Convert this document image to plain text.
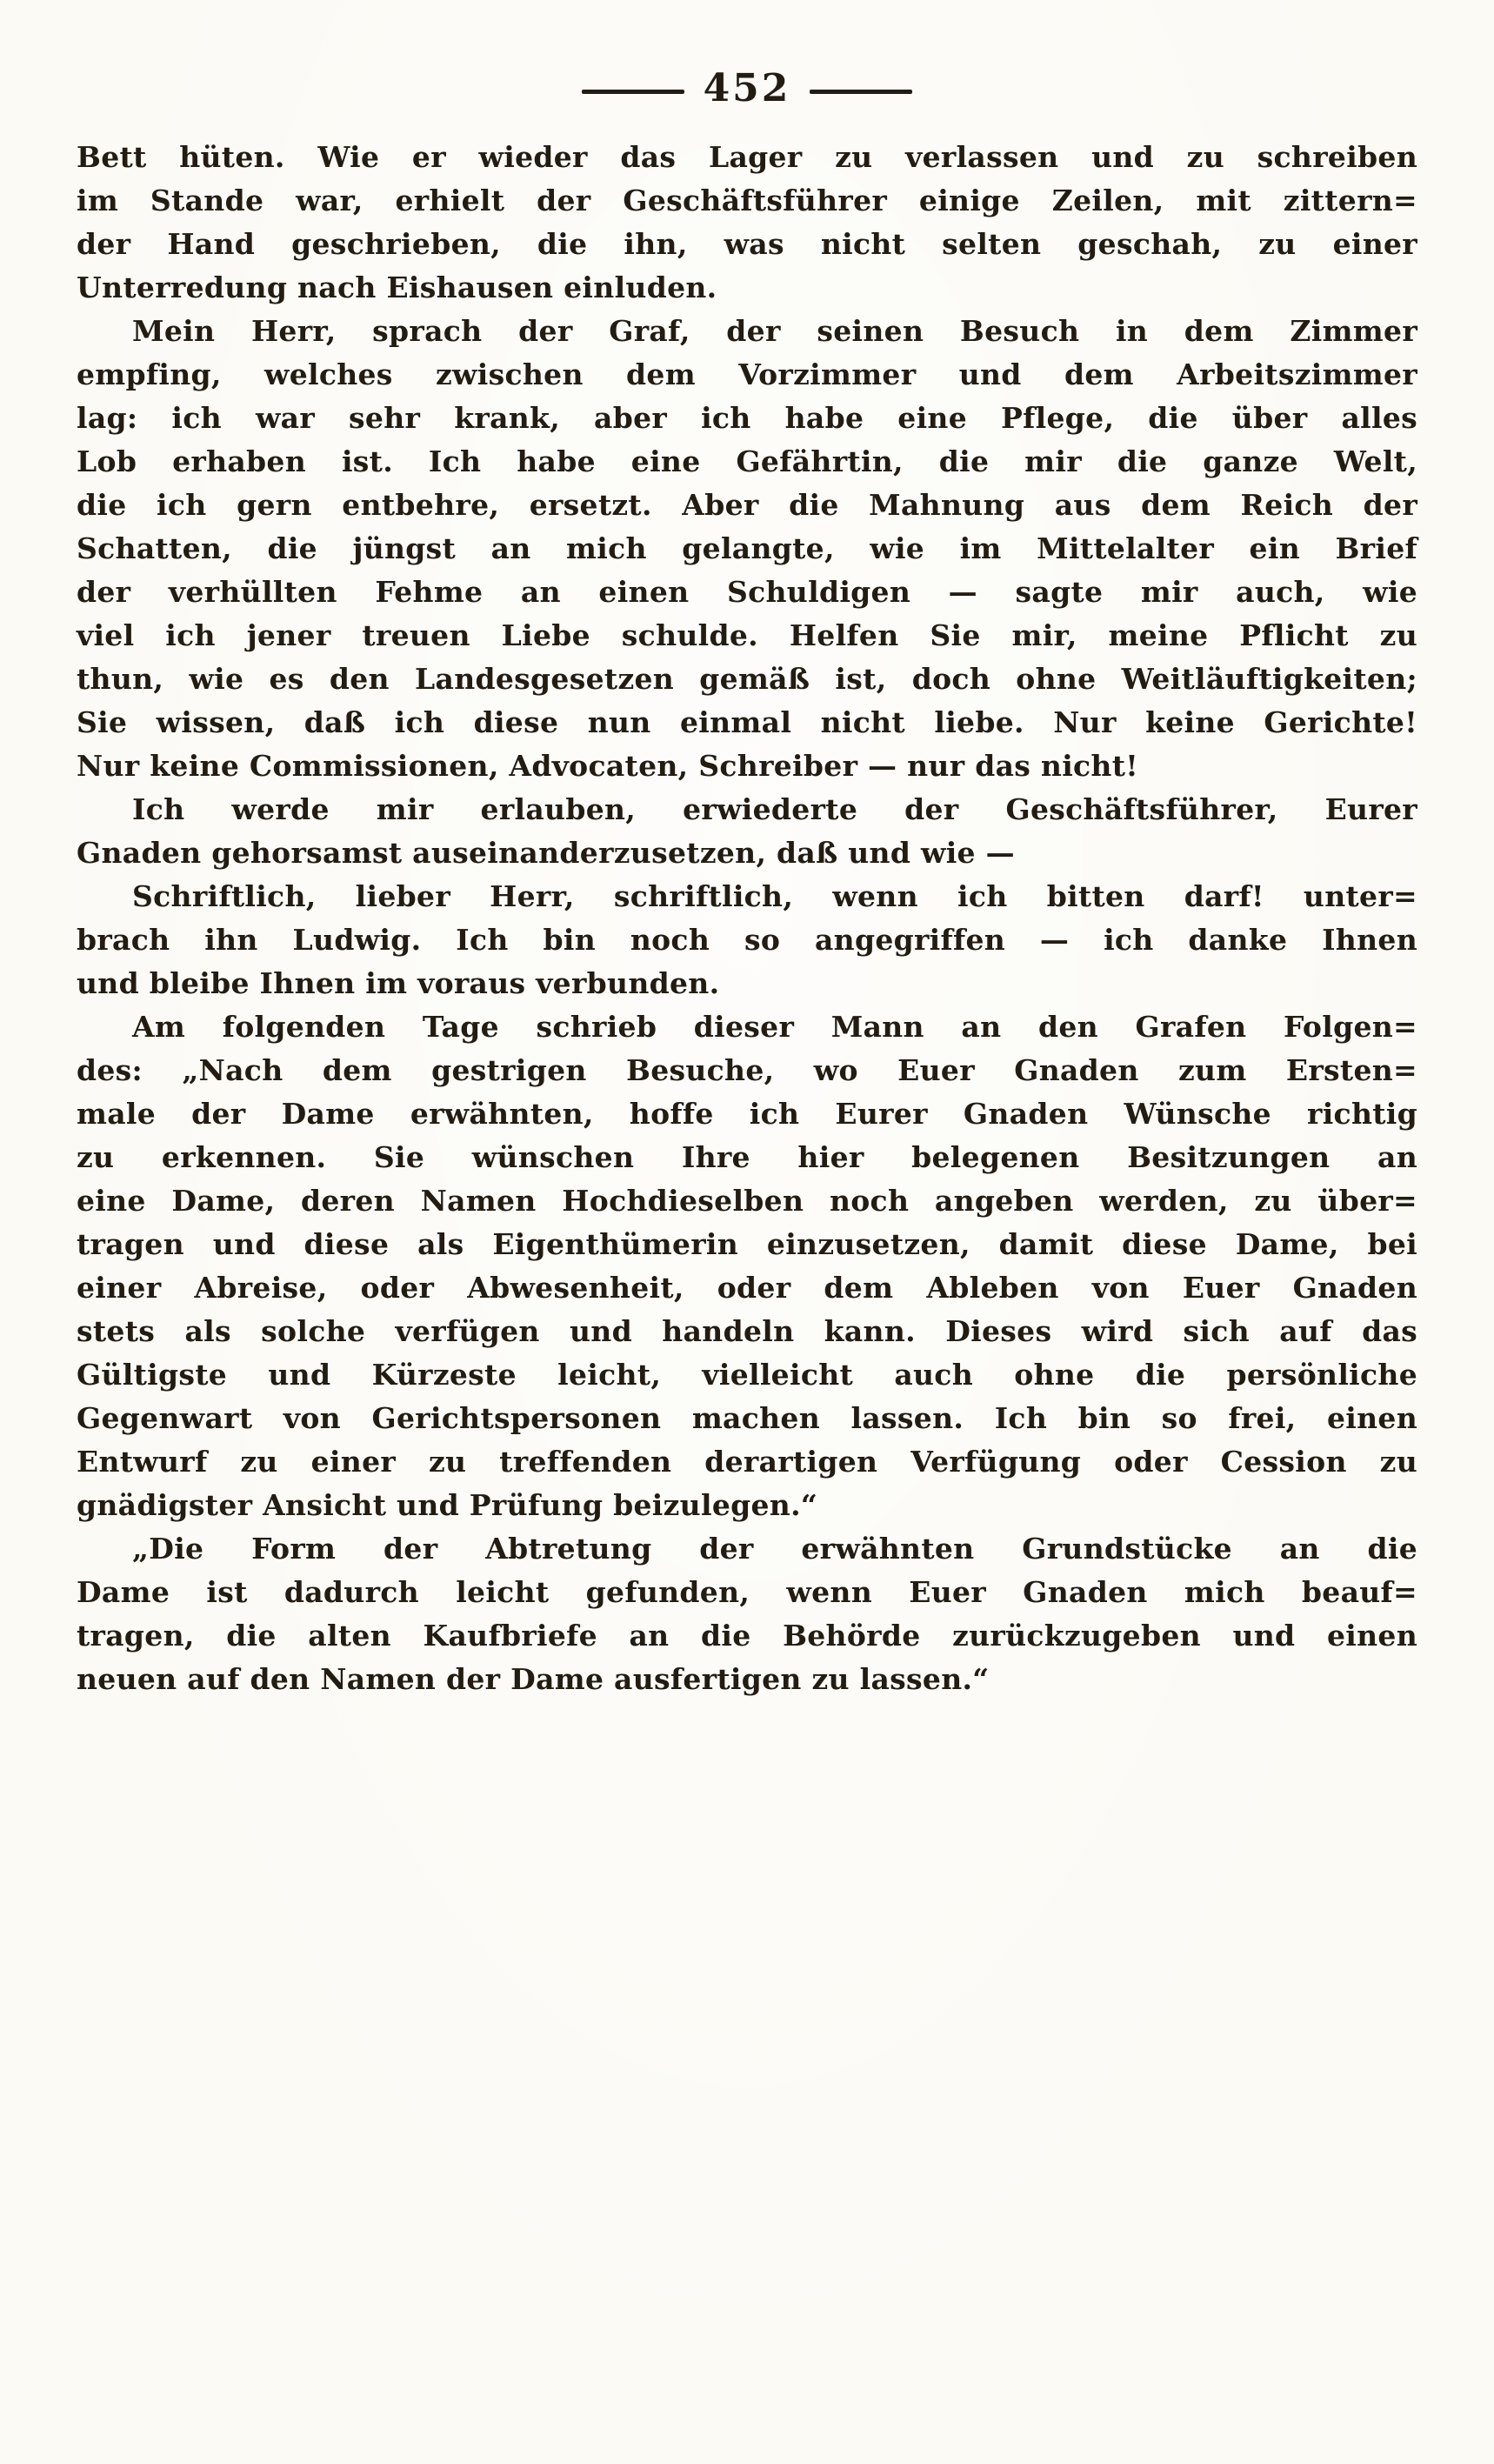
452
Bett hüten. Wie er wieder das Lager zu verlassen und zu schreiben
im Stande war, erhielt der Geschäftsführer einige Zeilen, mit zittern=
der Hand geschrieben, die ihn, was nicht selten geschah, zu einer
Unterredung nach Eishausen einluden.
Mein Herr, sprach der Graf, der seinen Besuch in dem Zimmer
empfing, welches zwischen dem Vorzimmer und dem Arbeitszimmer
lag: ich war sehr krank, aber ich habe eine Pflege, die über alles
Lob erhaben ist. Ich habe eine Gefährtin, die mir die ganze Welt,
die ich gern entbehre, ersetzt. Aber die Mahnung aus dem Reich der
Schatten, die jüngst an mich gelangte, wie im Mittelalter ein Brief
der verhüllten Fehme an einen Schuldigen — sagte mir auch, wie
viel ich jener treuen Liebe schulde. Helfen Sie mir, meine Pflicht zu
thun, wie es den Landesgesetzen gemäß ist, doch ohne Weitläuftigkeiten;
Sie wissen, daß ich diese nun einmal nicht liebe. Nur keine Gerichte!
Nur keine Commissionen, Advocaten, Schreiber — nur das nicht!
Ich werde mir erlauben, erwiederte der Geschäftsführer, Eurer
Gnaden gehorsamst auseinanderzusetzen, daß und wie —
Schriftlich, lieber Herr, schriftlich, wenn ich bitten darf! unter=
brach ihn Ludwig. Ich bin noch so angegriffen — ich danke Ihnen
und bleibe Ihnen im voraus verbunden.
Am folgenden Tage schrieb dieser Mann an den Grafen Folgen=
des: „Nach dem gestrigen Besuche, wo Euer Gnaden zum Ersten=
male der Dame erwähnten, hoffe ich Eurer Gnaden Wünsche richtig
zu erkennen. Sie wünschen Ihre hier belegenen Besitzungen an
eine Dame, deren Namen Hochdieselben noch angeben werden, zu über=
tragen und diese als Eigenthümerin einzusetzen, damit diese Dame, bei
einer Abreise, oder Abwesenheit, oder dem Ableben von Euer Gnaden
stets als solche verfügen und handeln kann. Dieses wird sich auf das
Gültigste und Kürzeste leicht, vielleicht auch ohne die persönliche
Gegenwart von Gerichtspersonen machen lassen. Ich bin so frei, einen
Entwurf zu einer zu treffenden derartigen Verfügung oder Cession zu
gnädigster Ansicht und Prüfung beizulegen.“
„Die Form der Abtretung der erwähnten Grundstücke an die
Dame ist dadurch leicht gefunden, wenn Euer Gnaden mich beauf=
tragen, die alten Kaufbriefe an die Behörde zurückzugeben und einen
neuen auf den Namen der Dame ausfertigen zu lassen.“
